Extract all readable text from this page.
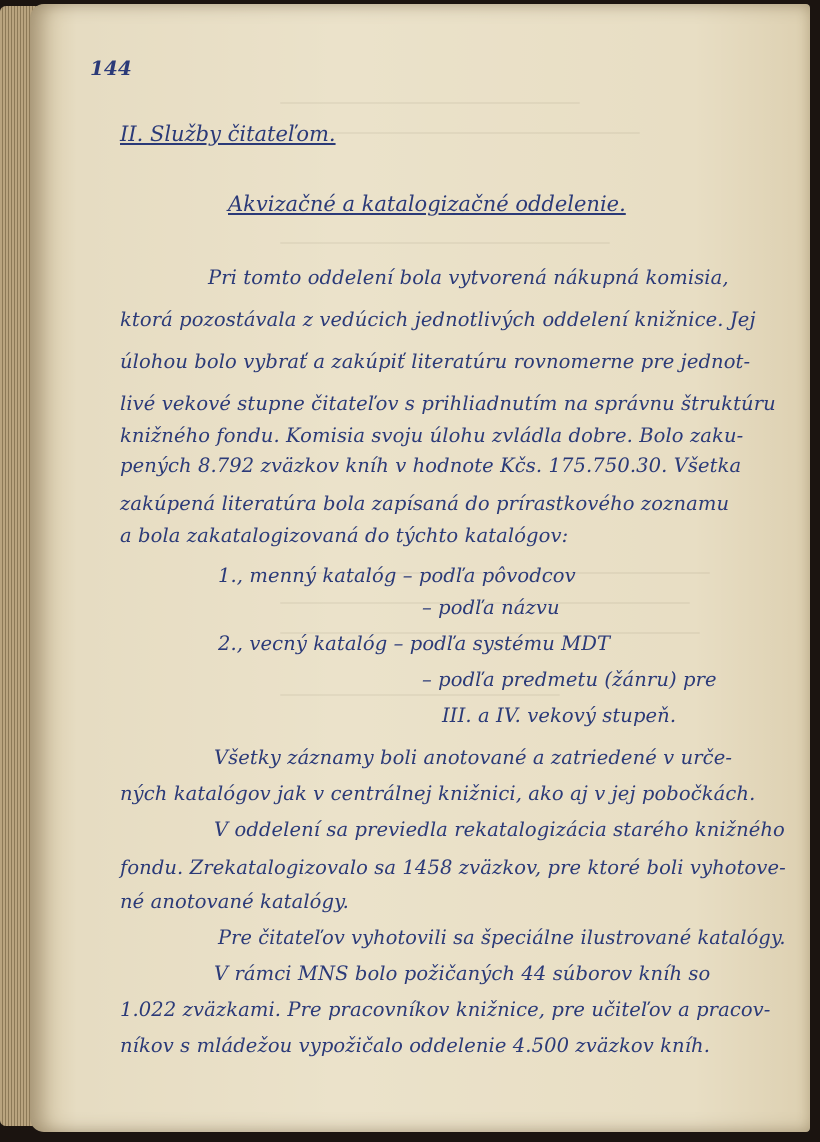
144
II. Služby čitateľom.
Akvizačné a katalogizačné oddelenie.
Pri tomto oddelení bola vytvorená nákupná komisia,
ktorá pozostávala z vedúcich jednotlivých oddelení knižnice. Jej
úlohou bolo vybrať a zakúpiť literatúru rovnomerne pre jednot-
livé vekové stupne čitateľov s prihliadnutím na správnu štruktúru
knižného fondu. Komisia svoju úlohu zvládla dobre. Bolo zaku-
pených 8.792 zväzkov kníh v hodnote Kčs. 175.750.30. Všetka
zakúpená literatúra bola zapísaná do prírastkového zoznamu
a bola zakatalogizovaná do týchto katalógov:
1., menný katalóg – podľa pôvodcov
– podľa názvu
2., vecný katalóg – podľa systému MDT
– podľa predmetu (žánru) pre
III. a IV. vekový stupeň.
Všetky záznamy boli anotované a zatriedené v urče-
ných katalógov jak v centrálnej knižnici, ako aj v jej pobočkách.
V oddelení sa previedla rekatalogizácia starého knižného
fondu. Zrekatalogizovalo sa 1458 zväzkov, pre ktoré boli vyhotove-
né anotované katalógy.
Pre čitateľov vyhotovili sa špeciálne ilustrované katalógy.
V rámci MNS bolo požičaných 44 súborov kníh so
1.022 zväzkami. Pre pracovníkov knižnice, pre učiteľov a pracov-
níkov s mládežou vypožičalo oddelenie 4.500 zväzkov kníh.
